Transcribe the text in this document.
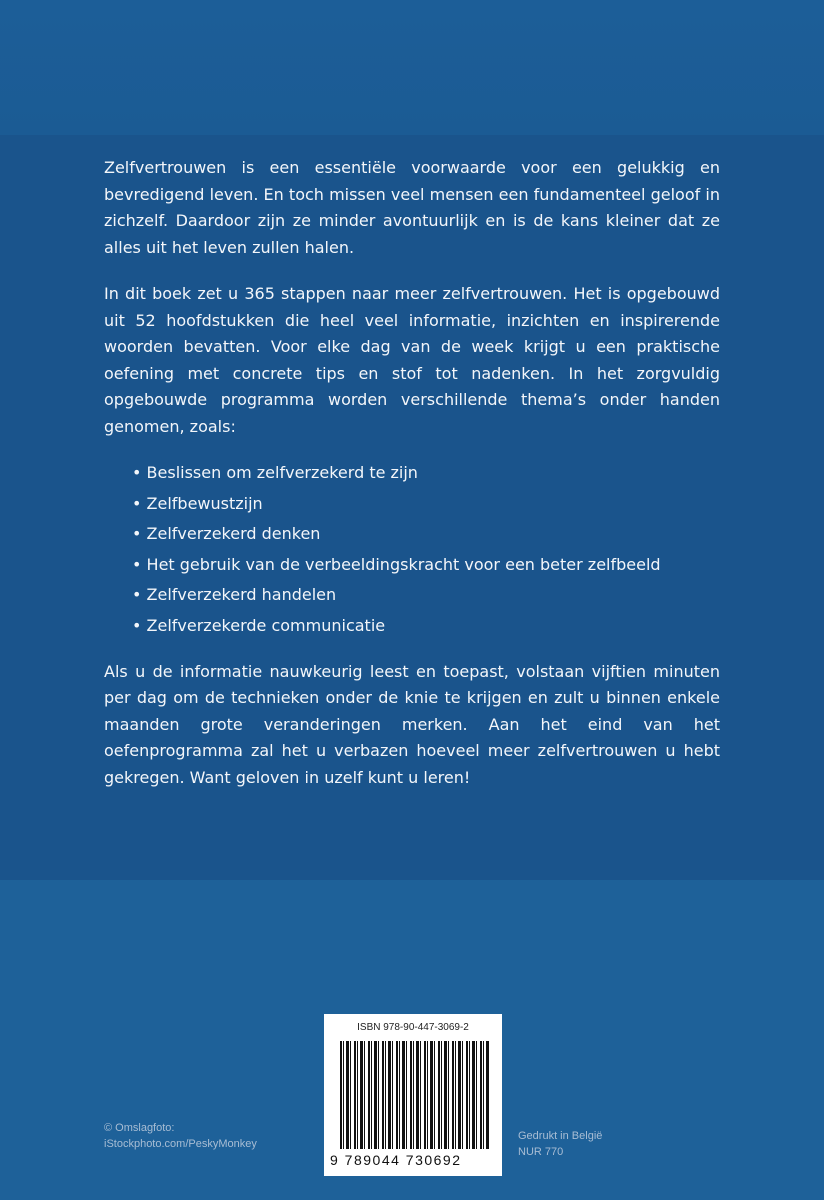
Zelfvertrouwen is een essentiële voorwaarde voor een gelukkig en bevredigend leven. En toch missen veel mensen een fundamenteel geloof in zichzelf. Daardoor zijn ze minder avontuurlijk en is de kans kleiner dat ze alles uit het leven zullen halen.

In dit boek zet u 365 stappen naar meer zelfvertrouwen. Het is opgebouwd uit 52 hoofdstukken die heel veel informatie, inzichten en inspirerende woorden bevatten. Voor elke dag van de week krijgt u een praktische oefening met concrete tips en stof tot nadenken. In het zorgvuldig opgebouwde programma worden verschillende thema’s onder handen genomen, zoals:

• Beslissen om zelfverzekerd te zijn
• Zelfbewustzijn
• Zelfverzekerd denken
• Het gebruik van de verbeeldingskracht voor een beter zelfbeeld
• Zelfverzekerd handelen
• Zelfverzekerde communicatie

Als u de informatie nauwkeurig leest en toepast, volstaan vijftien minuten per dag om de technieken onder de knie te krijgen en zult u binnen enkele maanden grote veranderingen merken. Aan het eind van het oefenprogramma zal het u verbazen hoeveel meer zelfvertrouwen u hebt gekregen. Want geloven in uzelf kunt u leren!

ISBN 978-90-447-3069-2
9 789044 730692
© Omslagfoto:
iStockphoto.com/PeskyMonkey
Gedrukt in België
NUR 770
